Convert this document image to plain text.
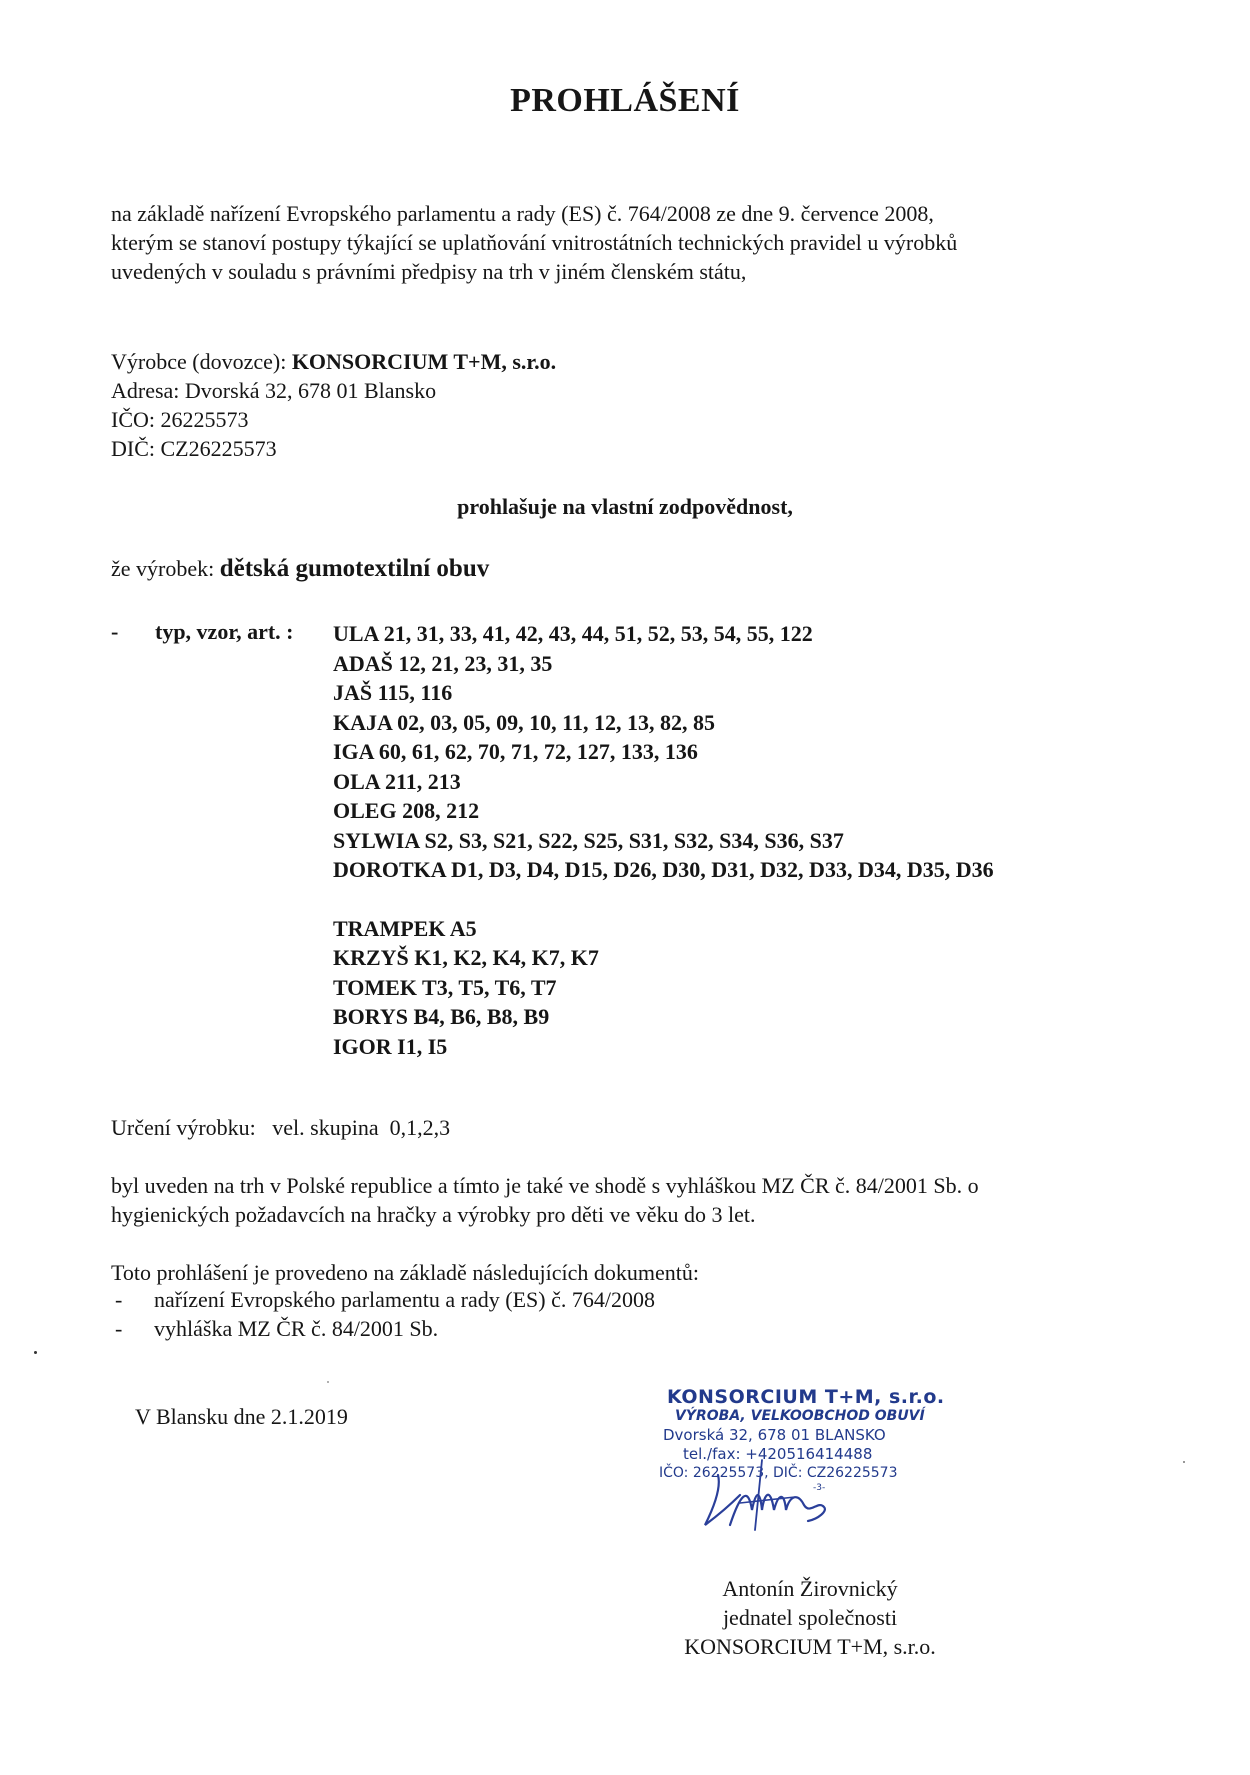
PROHLÁŠENÍ
na základě nařízení Evropského parlamentu a rady (ES) č. 764/2008 ze dne 9. července 2008,
kterým se stanoví postupy týkající se uplatňování vnitrostátních technických pravidel u výrobků
uvedených v souladu s právními předpisy na trh v jiném členském státu,
Výrobce (dovozce): KONSORCIUM T+M, s.r.o.
Adresa: Dvorská 32, 678 01 Blansko
IČO: 26225573
DIČ: CZ26225573
prohlašuje na vlastní zodpovědnost,
že výrobek: dětská gumotextilní obuv
- typ, vzor, art. : ULA 21, 31, 33, 41, 42, 43, 44, 51, 52, 53, 54, 55, 122
ADAŠ 12, 21, 23, 31, 35
JAŠ 115, 116
KAJA 02, 03, 05, 09, 10, 11, 12, 13, 82, 85
IGA 60, 61, 62, 70, 71, 72, 127, 133, 136
OLA 211, 213
OLEG 208, 212
SYLWIA S2, S3, S21, S22, S25, S31, S32, S34, S36, S37
DOROTKA D1, D3, D4, D15, D26, D30, D31, D32, D33, D34, D35, D36
TRAMPEK A5
KRZYŠ K1, K2, K4, K7, K7
TOMEK T3, T5, T6, T7
BORYS B4, B6, B8, B9
IGOR I1, I5
Určení výrobku:   vel. skupina  0,1,2,3
byl uveden na trh v Polské republice a tímto je také ve shodě s vyhláškou MZ ČR č. 84/2001 Sb. o
hygienických požadavcích na hračky a výrobky pro děti ve věku do 3 let.
Toto prohlášení je provedeno na základě následujících dokumentů:
- nařízení Evropského parlamentu a rady (ES) č. 764/2008
- vyhláška MZ ČR č. 84/2001 Sb.
V Blansku dne 2.1.2019
KONSORCIUM T+M, s.r.o.
VÝROBA, VELKOOBCHOD OBUVÍ
Dvorská 32, 678 01 BLANSKO
tel./fax: +420516414488
IČO: 26225573, DIČ: CZ26225573
-3-
Antonín Žirovnický
jednatel společnosti
KONSORCIUM T+M, s.r.o.
